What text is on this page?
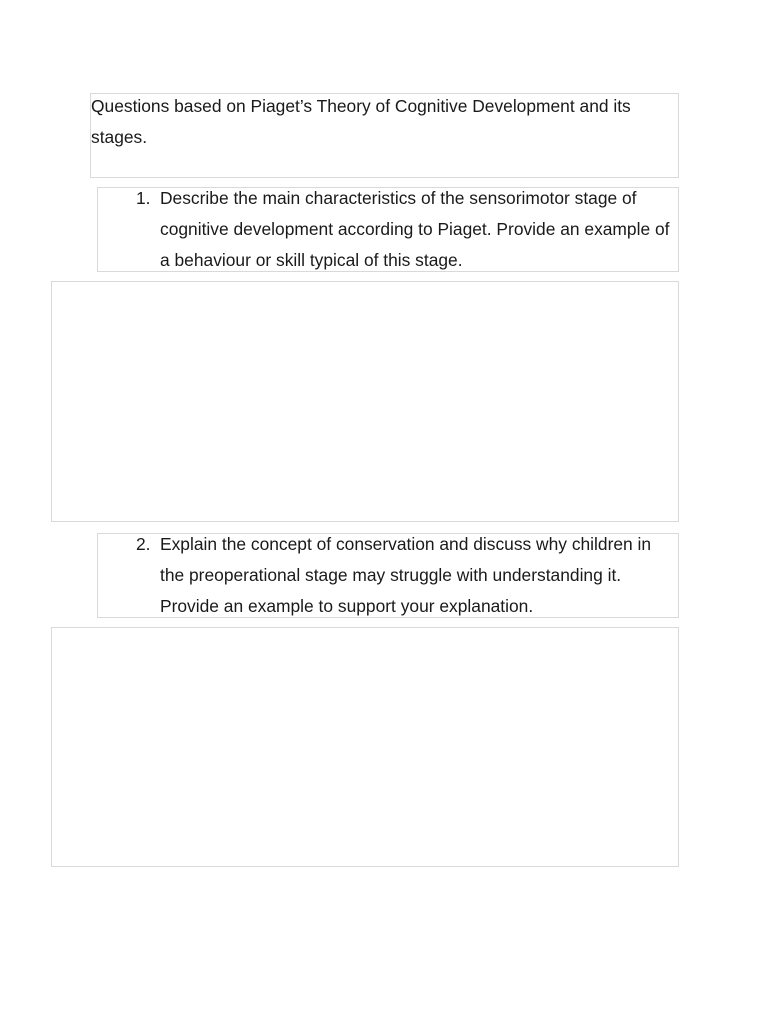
Questions based on Piaget’s Theory of Cognitive Development and its stages.

1. Describe the main characteristics of the sensorimotor stage of cognitive development according to Piaget. Provide an example of a behaviour or skill typical of this stage.
2. Explain the concept of conservation and discuss why children in the preoperational stage may struggle with understanding it. Provide an example to support your explanation.
